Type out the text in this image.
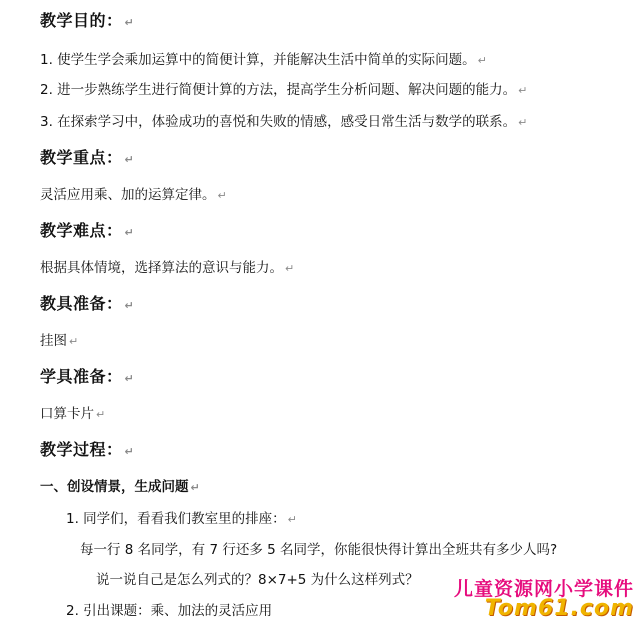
教学目的： ↵
1. 使学生学会乘加运算中的简便计算，并能解决生活中简单的实际问题。 ↵
2. 进一步熟练学生进行简便计算的方法，提高学生分析问题、解决问题的能力。 ↵
3. 在探索学习中，体验成功的喜悦和失败的情感，感受日常生活与数学的联系。 ↵
教学重点： ↵
灵活应用乘、加的运算定律。 ↵
教学难点： ↵
根据具体情境，选择算法的意识与能力。 ↵
教具准备： ↵
挂图 ↵
学具准备： ↵
口算卡片 ↵
教学过程： ↵
一、创设情景，生成问题 ↵
1. 同学们，看看我们教室里的排座： ↵
每一行 8 名同学，有 7 行还多 5 名同学，你能很快得计算出全班共有多少人吗?
说一说自己是怎么列式的？8×7+5 为什么这样列式？
2. 引出课题：乘、加法的灵活应用
儿童资源网小学课件
Tom61.com
